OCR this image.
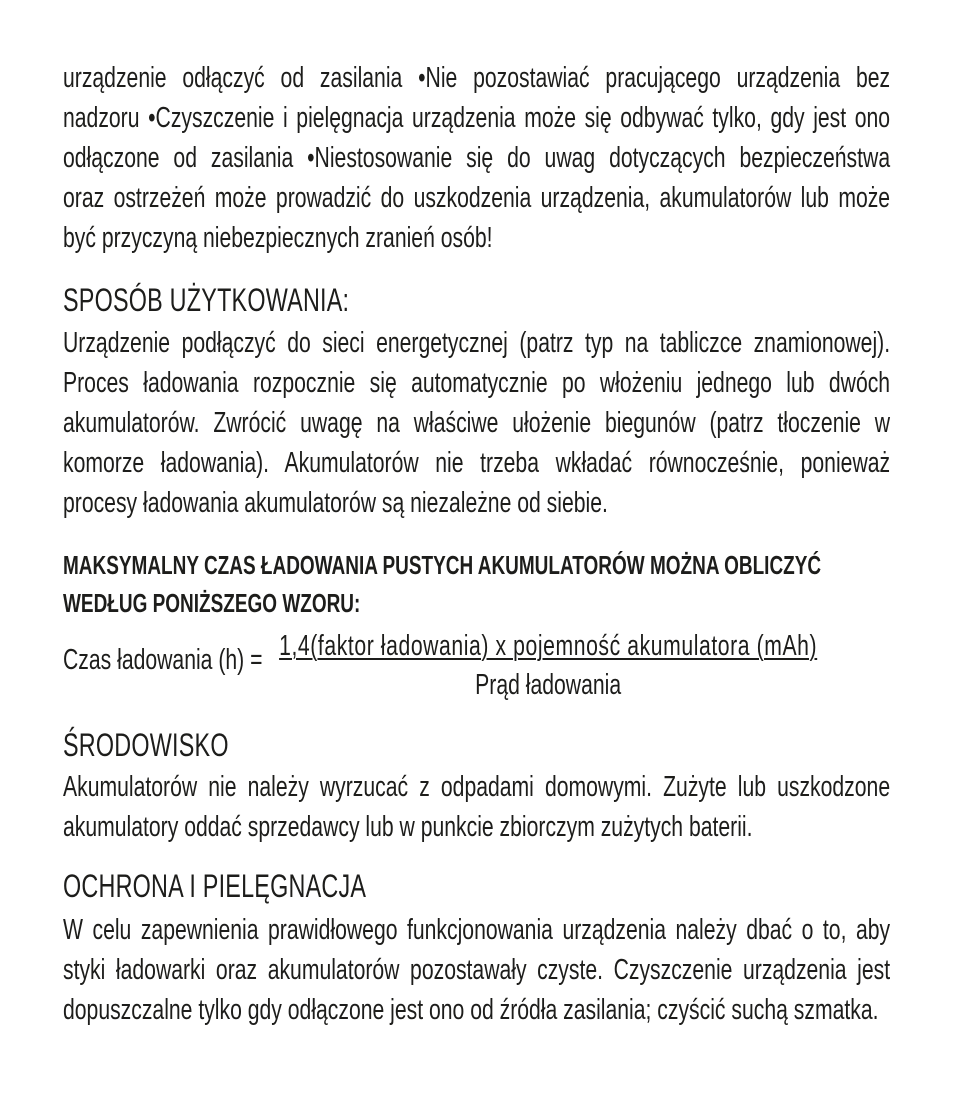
urządzenie odłączyć od zasilania •Nie pozostawiać pracującego urządzenia bez
nadzoru •Czyszczenie i pielęgnacja urządzenia może się odbywać tylko, gdy jest ono
odłączone od zasilania •Niestosowanie się do uwag dotyczących bezpieczeństwa
oraz ostrzeżeń może prowadzić do uszkodzenia urządzenia, akumulatorów lub może
być przyczyną niebezpiecznych zranień osób!
SPOSÓB UŻYTKOWANIA:
Urządzenie podłączyć do sieci energetycznej (patrz typ na tabliczce znamionowej).
Proces ładowania rozpocznie się automatycznie po włożeniu jednego lub dwóch
akumulatorów. Zwrócić uwagę na właściwe ułożenie biegunów (patrz tłoczenie w
komorze ładowania). Akumulatorów nie trzeba wkładać równocześnie, ponieważ
procesy ładowania akumulatorów są niezależne od siebie.
MAKSYMALNY CZAS ŁADOWANIA PUSTYCH AKUMULATORÓW MOŻNA OBLICZYĆ
WEDŁUG PONIŻSZEGO WZORU:
Czas ładowania (h) = 1,4(faktor ładowania) x pojemność akumulatora (mAh)
Prąd ładowania
ŚRODOWISKO
Akumulatorów nie należy wyrzucać z odpadami domowymi. Zużyte lub uszkodzone
akumulatory oddać sprzedawcy lub w punkcie zbiorczym zużytych baterii.
OCHRONA I PIELĘGNACJA
W celu zapewnienia prawidłowego funkcjonowania urządzenia należy dbać o to, aby
styki ładowarki oraz akumulatorów pozostawały czyste. Czyszczenie urządzenia jest
dopuszczalne tylko gdy odłączone jest ono od źródła zasilania; czyścić suchą szmatka.
